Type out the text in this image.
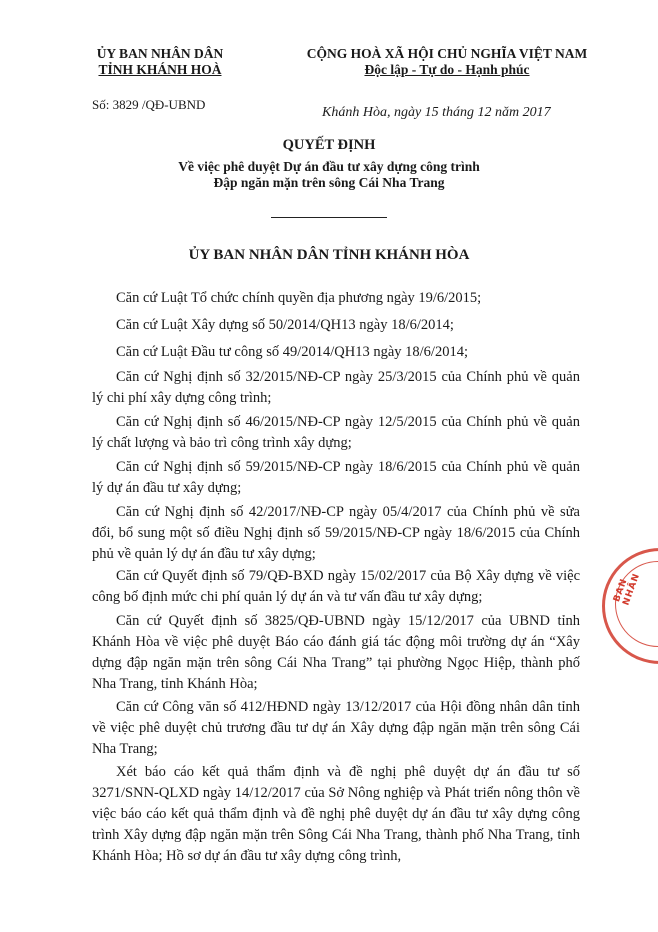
ỦY BAN NHÂN DÂN
TỈNH KHÁNH HOÀ
CỘNG HOÀ XÃ HỘI CHỦ NGHĨA VIỆT NAM
Độc lập - Tự do - Hạnh phúc
Số: 3829 /QĐ-UBND
Khánh Hòa, ngày 15 tháng 12 năm 2017
QUYẾT ĐỊNH
Về việc phê duyệt Dự án đầu tư xây dựng công trình
Đập ngăn mặn trên sông Cái Nha Trang
ỦY BAN NHÂN DÂN TỈNH KHÁNH HÒA
Căn cứ Luật Tổ chức chính quyền địa phương ngày 19/6/2015;
Căn cứ Luật Xây dựng số 50/2014/QH13 ngày 18/6/2014;
Căn cứ Luật Đầu tư công số 49/2014/QH13 ngày 18/6/2014;
Căn cứ Nghị định số 32/2015/NĐ-CP ngày 25/3/2015 của Chính phủ về quản lý chi phí xây dựng công trình;
Căn cứ Nghị định số 46/2015/NĐ-CP ngày 12/5/2015 của Chính phủ về quản lý chất lượng và bảo trì công trình xây dựng;
Căn cứ Nghị định số 59/2015/NĐ-CP ngày 18/6/2015 của Chính phủ về quản lý dự án đầu tư xây dựng;
Căn cứ Nghị định số 42/2017/NĐ-CP ngày 05/4/2017 của Chính phủ về sửa đổi, bổ sung một số điều Nghị định số 59/2015/NĐ-CP ngày 18/6/2015 của Chính phủ về quản lý dự án đầu tư xây dựng;
Căn cứ Quyết định số 79/QĐ-BXD ngày 15/02/2017 của Bộ Xây dựng về việc công bố định mức chi phí quản lý dự án và tư vấn đầu tư xây dựng;
Căn cứ Quyết định số 3825/QĐ-UBND ngày 15/12/2017 của UBND tỉnh Khánh Hòa về việc phê duyệt Báo cáo đánh giá tác động môi trường dự án “Xây dựng đập ngăn mặn trên sông Cái Nha Trang” tại phường Ngọc Hiệp, thành phố Nha Trang, tỉnh Khánh Hòa;
Căn cứ Công văn số 412/HĐND ngày 13/12/2017 của Hội đồng nhân dân tỉnh về việc phê duyệt chủ trương đầu tư dự án Xây dựng đập ngăn mặn trên sông Cái Nha Trang;
Xét báo cáo kết quả thẩm định và đề nghị phê duyệt dự án đầu tư số 3271/SNN-QLXD ngày 14/12/2017 của Sở Nông nghiệp và Phát triển nông thôn về việc báo cáo kết quả thẩm định và đề nghị phê duyệt dự án đầu tư xây dựng công trình Xây dựng đập ngăn mặn trên Sông Cái Nha Trang, thành phố Nha Trang, tỉnh Khánh Hòa; Hồ sơ dự án đầu tư xây dựng công trình,
BAN NHÂN
